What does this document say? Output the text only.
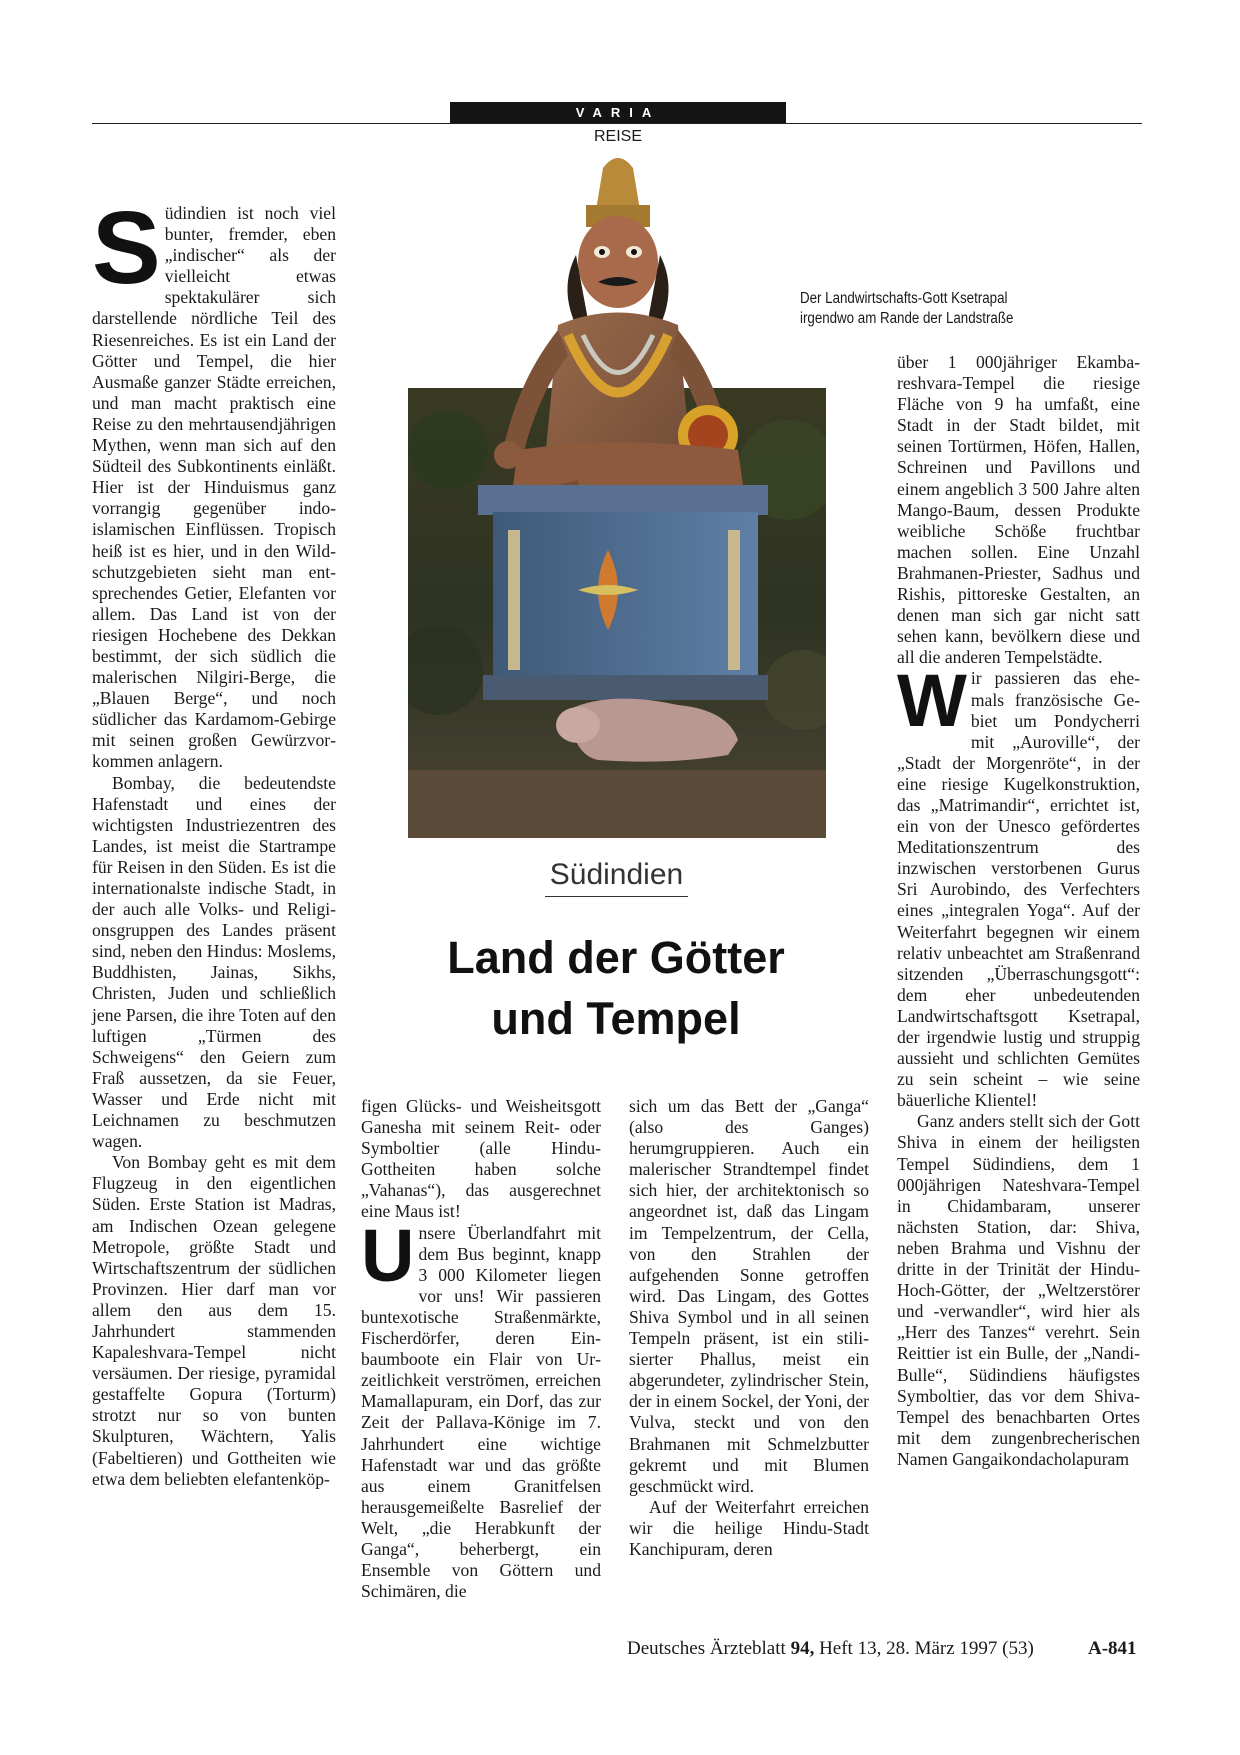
VARIA
REISE
Der Landwirtschafts-Gott Ksetrapal
irgendwo am Rande der Landstraße
Südindien
Land der Götter
und Tempel

Südindien ist noch viel bunter, fremder, eben „indischer“ als der vielleicht etwas spektakulärer sich darstellende nördliche Teil des Riesenreiches. Es ist ein Land der Götter und Tempel, die hier Ausmaße ganzer Städte erreichen, und man macht praktisch eine Reise zu den mehrtausendjährigen Mythen, wenn man sich auf den Südteil des Subkontinents einläßt. Hier ist der Hinduismus ganz vorrangig gegenüber indo-islamischen Einflüssen. Tropisch heiß ist es hier, und in den Wildschutzgebieten sieht man entsprechendes Getier, Elefanten vor allem. Das Land ist von der riesigen Hochebene des Dekkan bestimmt, der sich südlich die malerischen Nilgiri-Berge, die „Blauen Berge“, und noch südlicher das Kardamom-Gebirge mit seinen großen Gewürzvorkommen anlagern.

Bombay, die bedeutendste Hafenstadt und eines der wichtigsten Industriezentren des Landes, ist meist die Startrampe für Reisen in den Süden. Es ist die internationalste indische Stadt, in der auch alle Volks- und Religionsgruppen des Landes präsent sind, neben den Hindus: Moslems, Buddhisten, Jainas, Sikhs, Christen, Juden und schließlich jene Parsen, die ihre Toten auf den luftigen „Türmen des Schweigens“ den Geiern zum Fraß aussetzen, da sie Feuer, Wasser und Erde nicht mit Leichnamen zu beschmutzen wagen.

Von Bombay geht es mit dem Flugzeug in den eigentlichen Süden. Erste Station ist Madras, am Indischen Ozean gelegene Metropole, größte Stadt und Wirtschaftszentrum der südlichen Provinzen. Hier darf man vor allem den aus dem 15. Jahrhundert stammenden Kapaleshvara-Tempel nicht versäumen. Der riesige, pyramidal gestaffelte Gopura (Torturm) strotzt nur so von bunten Skulpturen, Wächtern, Yalis (Fabeltieren) und Gottheiten wie etwa dem beliebten elefantenköp-

figen Glücks- und Weisheitsgott Ganesha mit seinem Reit- oder Symboltier (alle Hindu-Gottheiten haben solche „Vahanas“), das ausgerechnet eine Maus ist!

Unsere Überlandfahrt mit dem Bus beginnt, knapp 3 000 Kilometer liegen vor uns! Wir passieren buntexotische Straßenmärkte, Fischerdörfer, deren Einbaumboote ein Flair von Urzeitlichkeit verströmen, erreichen Mamallapuram, ein Dorf, das zur Zeit der Pallava-Könige im 7. Jahrhundert eine wichtige Hafenstadt war und das größte aus einem Granitfelsen herausgemeißelte Basrelief der Welt, „die Herabkunft der Ganga“, beherbergt, ein Ensemble von Göttern und Schimären, die

sich um das Bett der „Ganga“ (also des Ganges) herumgruppieren. Auch ein malerischer Strandtempel findet sich hier, der architektonisch so angeordnet ist, daß das Lingam im Tempelzentrum, der Cella, von den Strahlen der aufgehenden Sonne getroffen wird. Das Lingam, des Gottes Shiva Symbol und in all seinen Tempeln präsent, ist ein stilisierter Phallus, meist ein abgerundeter, zylindrischer Stein, der in einem Sockel, der Yoni, der Vulva, steckt und von den Brahmanen mit Schmelzbutter gekremt und mit Blumen geschmückt wird.

Auf der Weiterfahrt erreichen wir die heilige Hindu-Stadt Kanchipuram, deren

über 1 000jähriger Ekambareshvara-Tempel die riesige Fläche von 9 ha umfaßt, eine Stadt in der Stadt bildet, mit seinen Tortürmen, Höfen, Hallen, Schreinen und Pavillons und einem angeblich 3 500 Jahre alten Mango-Baum, dessen Produkte weibliche Schöße fruchtbar machen sollen. Eine Unzahl Brahmanen-Priester, Sadhus und Rishis, pittoreske Gestalten, an denen man sich gar nicht satt sehen kann, bevölkern diese und all die anderen Tempelstädte.

Wir passieren das ehemals französische Gebiet um Pondycherri mit „Auroville“, der „Stadt der Morgenröte“, in der eine riesige Kugelkonstruktion, das „Matrimandir“, errichtet ist, ein von der Unesco gefördertes Meditationszentrum des inzwischen verstorbenen Gurus Sri Aurobindo, des Verfechters eines „integralen Yoga“. Auf der Weiterfahrt begegnen wir einem relativ unbeachtet am Straßenrand sitzenden „Überraschungsgott“: dem eher unbedeutenden Landwirtschaftsgott Ksetrapal, der irgendwie lustig und struppig aussieht und schlichten Gemütes zu sein scheint – wie seine bäuerliche Klientel!

Ganz anders stellt sich der Gott Shiva in einem der heiligsten Tempel Südindiens, dem 1 000jährigen Nateshvara-Tempel in Chidambaram, unserer nächsten Station, dar: Shiva, neben Brahma und Vishnu der dritte in der Trinität der Hindu-Hoch-Götter, der „Weltzerstörer und -verwandler“, wird hier als „Herr des Tanzes“ verehrt. Sein Reittier ist ein Bulle, der „Nandi-Bulle“, Südindiens häufigstes Symboltier, das vor dem Shiva-Tempel des benachbarten Ortes mit dem zungenbrecherischen Namen Gangaikondacholapuram

Deutsches Ärzteblatt 94, Heft 13, 28. März 1997 (53)	A-841
